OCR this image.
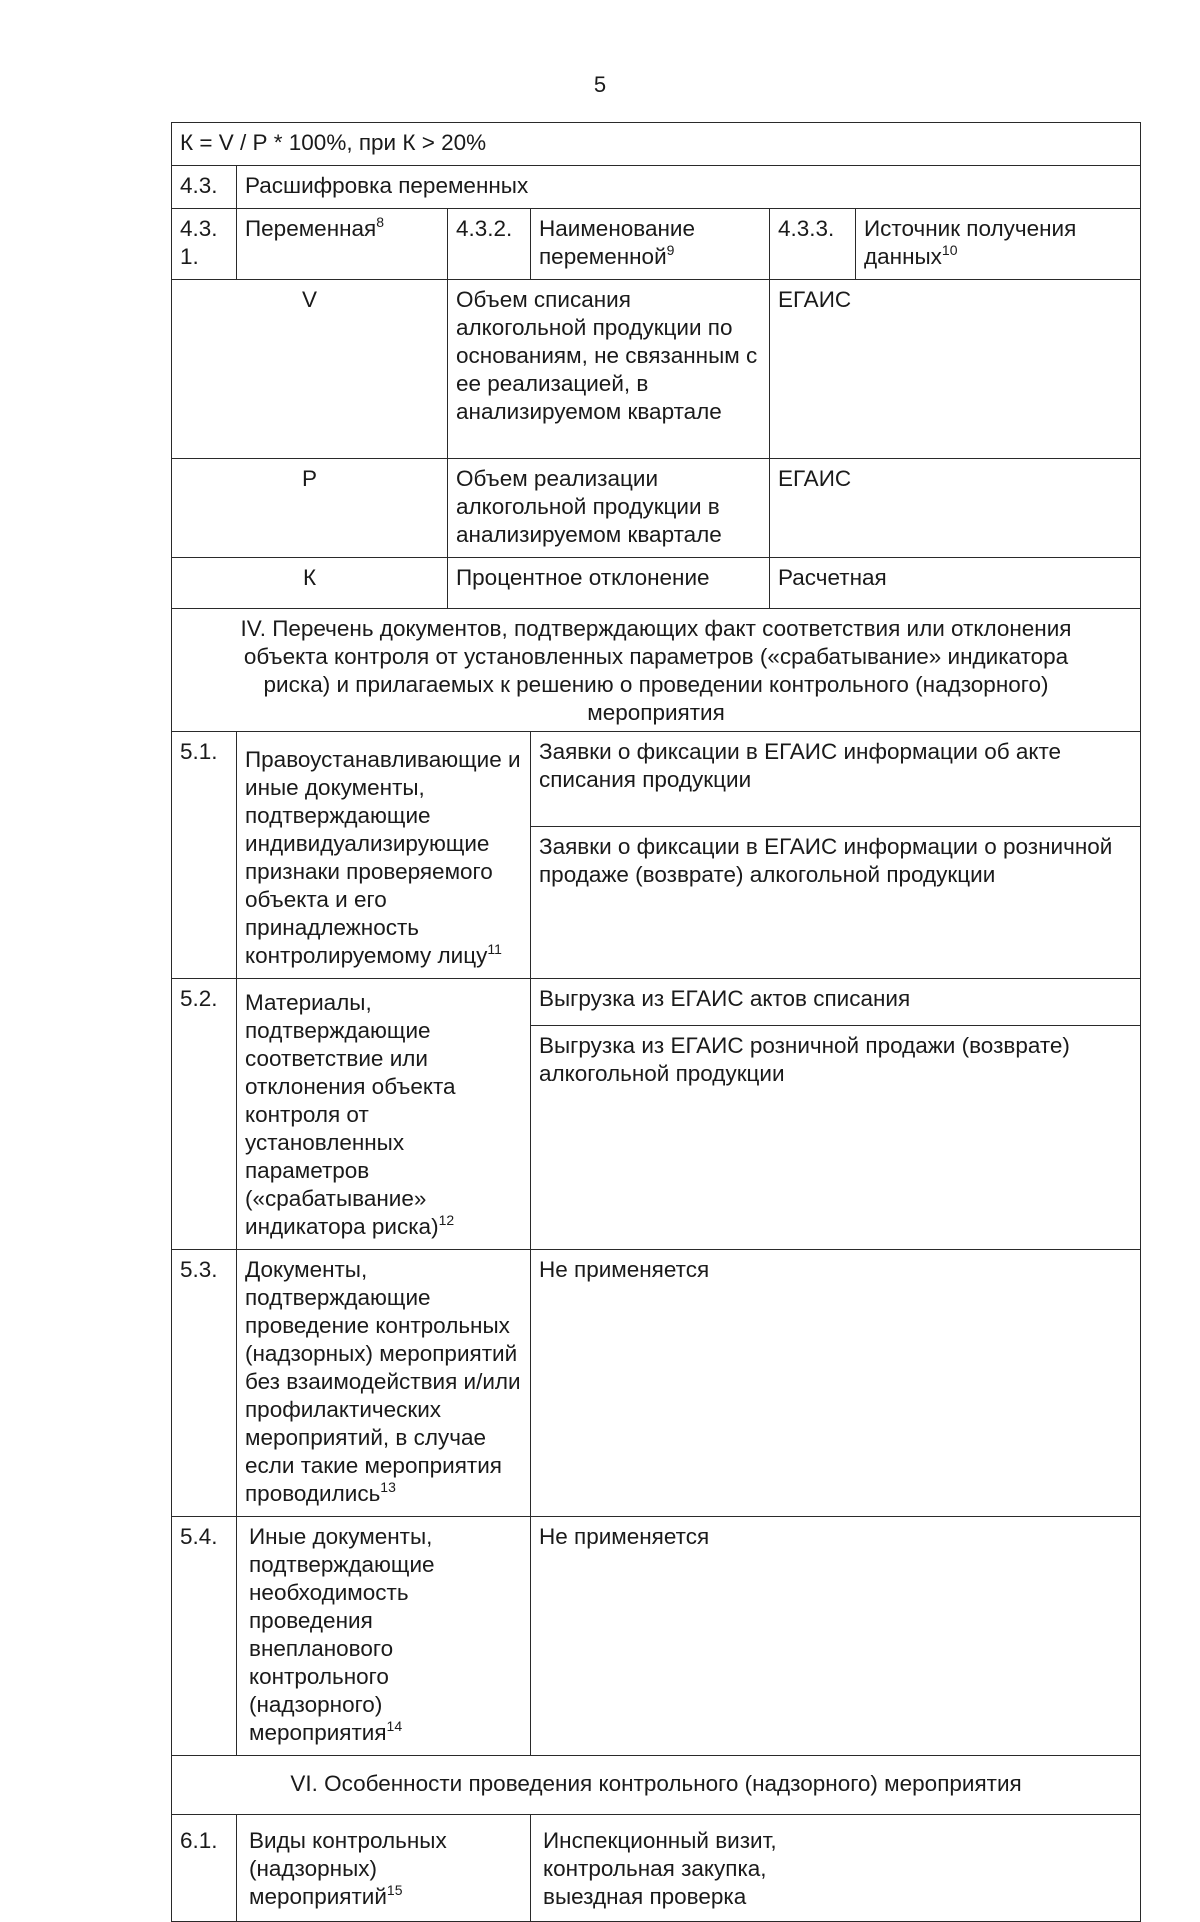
5
К = V / Р * 100%, при К > 20%					
4.3.	Расшифровка переменных				
4.3.
1.	Переменная$^8$	4.3.2.	Наименование переменной$^9$	4.3.3.	Источник получения данных$^{10}$
V		Объем списания алкогольной продукции по основаниям, не связанным с ее реализацией, в анализируемом квартале		ЕГАИС	
Р		Объем реализации алкогольной продукции в анализируемом квартале		ЕГАИС	
К		Процентное отклонение		Расчетная	
IV. Перечень документов, подтверждающих факт соответствия или отклонения объекта контроля от установленных параметров («срабатывание» индикатора риска) и прилагаемых к решению о проведении контрольного (надзорного) мероприятия					
5.1.	Правоустанавливающие и иные документы, подтверждающие индивидуализирующие признаки проверяемого объекта и его принадлежность контролируемому лицу$^{11}$		Заявки о фиксации в ЕГАИС информации об акте списания продукции
Заявки о фиксации в ЕГАИС информации о розничной продаже (возврате) алкогольной продукции		

5.2.	Материалы, подтверждающие соответствие или отклонения объекта контроля от установленных параметров («срабатывание» индикатора риска)$^{12}$		Выгрузка из ЕГАИС актов списания
Выгрузка из ЕГАИС розничной продажи (возврате) алкогольной продукции		

5.3.	Документы, подтверждающие проведение контрольных (надзорных) мероприятий без взаимодействия и/или профилактических мероприятий, в случае если такие мероприятия проводились$^{13}$		Не применяется		
5.4.	Иные документы, подтверждающие необходимость проведения внепланового контрольного (надзорного) мероприятия$^{14}$		Не применяется		
VI. Особенности проведения контрольного (надзорного) мероприятия					
6.1.	Виды контрольных (надзорных) мероприятий$^{15}$		Инспекционный визит,
контрольная закупка,
выездная проверка		
